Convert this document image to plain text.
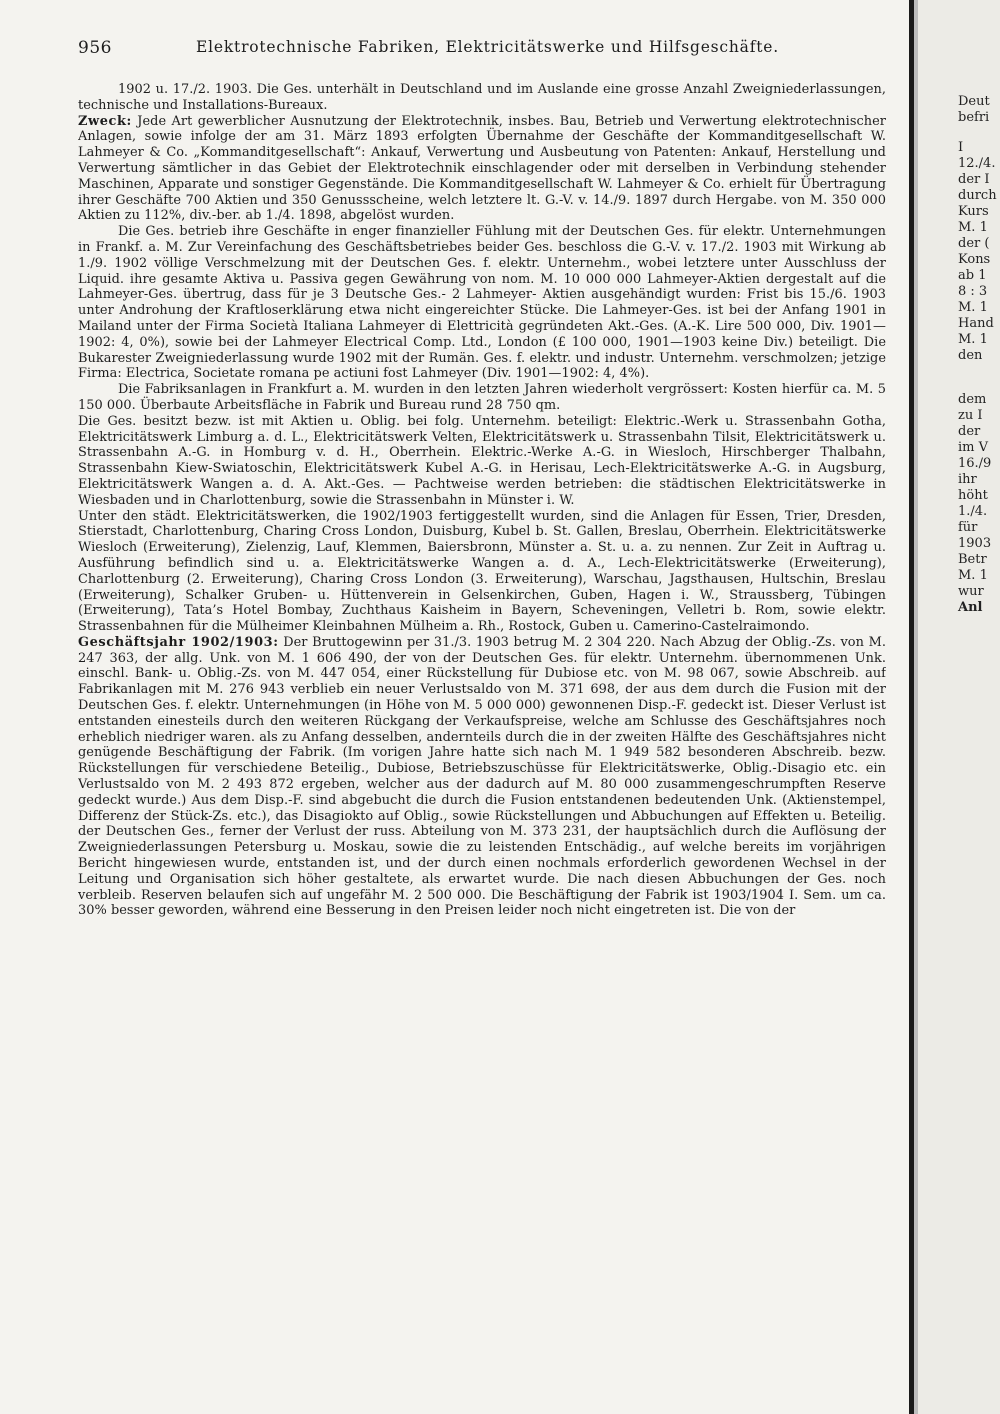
956	Elektrotechnische Fabriken, Elektricitätswerke und Hilfsgeschäfte.

1902 u. 17./2. 1903. Die Ges. unterhält in Deutschland und im Auslande eine grosse Anzahl Zweigniederlassungen, technische und Installations-Bureaux.

Zweck: Jede Art gewerblicher Ausnutzung der Elektrotechnik, insbes. Bau, Betrieb und Verwertung elektrotechnischer Anlagen, sowie infolge der am 31. März 1893 erfolgten Übernahme der Geschäfte der Kommanditgesellschaft W. Lahmeyer & Co. „Kommanditgesellschaft“: Ankauf, Verwertung und Ausbeutung von Patenten: Ankauf, Herstellung und Verwertung sämtlicher in das Gebiet der Elektrotechnik einschlagender oder mit derselben in Verbindung stehender Maschinen, Apparate und sonstiger Gegenstände. Die Kommanditgesellschaft W. Lahmeyer & Co. erhielt für Übertragung ihrer Geschäfte 700 Aktien und 350 Genussscheine, welch letztere lt. G.-V. v. 14./9. 1897 durch Hergabe. von M. 350 000 Aktien zu 112%, div.-ber. ab 1./4. 1898, abgelöst wurden.

Die Ges. betrieb ihre Geschäfte in enger finanzieller Fühlung mit der Deutschen Ges. für elektr. Unternehmungen in Frankf. a. M. Zur Vereinfachung des Geschäftsbetriebes beider Ges. beschloss die G.-V. v. 17./2. 1903 mit Wirkung ab 1./9. 1902 völlige Verschmelzung mit der Deutschen Ges. f. elektr. Unternehm., wobei letztere unter Ausschluss der Liquid. ihre gesamte Aktiva u. Passiva gegen Gewährung von nom. M. 10 000 000 Lahmeyer-Aktien dergestalt auf die Lahmeyer-Ges. übertrug, dass für je 3 Deutsche Ges.- 2 Lahmeyer- Aktien ausgehändigt wurden: Frist bis 15./6. 1903 unter Androhung der Kraftloserklärung etwa nicht eingereichter Stücke. Die Lahmeyer-Ges. ist bei der Anfang 1901 in Mailand unter der Firma Società Italiana Lahmeyer di Elettricità gegründeten Akt.-Ges. (A.-K. Lire 500 000, Div. 1901—1902: 4, 0%), sowie bei der Lahmeyer Electrical Comp. Ltd., London (£ 100 000, 1901—1903 keine Div.) beteiligt. Die Bukarester Zweigniederlassung wurde 1902 mit der Rumän. Ges. f. elektr. und industr. Unternehm. verschmolzen; jetzige Firma: Electrica, Societate romana pe actiuni fost Lahmeyer (Div. 1901—1902: 4, 4%).

Die Fabriksanlagen in Frankfurt a. M. wurden in den letzten Jahren wiederholt vergrössert: Kosten hierfür ca. M. 5 150 000. Überbaute Arbeitsfläche in Fabrik und Bureau rund 28 750 qm.

Die Ges. besitzt bezw. ist mit Aktien u. Oblig. bei folg. Unternehm. beteiligt: Elektric.-Werk u. Strassenbahn Gotha, Elektricitätswerk Limburg a. d. L., Elektricitätswerk Velten, Elektricitätswerk u. Strassenbahn Tilsit, Elektricitätswerk u. Strassenbahn A.-G. in Homburg v. d. H., Oberrhein. Elektric.-Werke A.-G. in Wiesloch, Hirschberger Thalbahn, Strassenbahn Kiew-Swiatoschin, Elektricitätswerk Kubel A.-G. in Herisau, Lech-Elektricitätswerke A.-G. in Augsburg, Elektricitätswerk Wangen a. d. A. Akt.-Ges. — Pachtweise werden betrieben: die städtischen Elektricitätswerke in Wiesbaden und in Charlottenburg, sowie die Strassenbahn in Münster i. W.

Unter den städt. Elektricitätswerken, die 1902/1903 fertiggestellt wurden, sind die Anlagen für Essen, Trier, Dresden, Stierstadt, Charlottenburg, Charing Cross London, Duisburg, Kubel b. St. Gallen, Breslau, Oberrhein. Elektricitätswerke Wiesloch (Erweiterung), Zielenzig, Lauf, Klemmen, Baiersbronn, Münster a. St. u. a. zu nennen. Zur Zeit in Auftrag u. Ausführung befindlich sind u. a. Elektricitätswerke Wangen a. d. A., Lech-Elektricitätswerke (Erweiterung), Charlottenburg (2. Erweiterung), Charing Cross London (3. Erweiterung), Warschau, Jagsthausen, Hultschin, Breslau (Erweiterung), Schalker Gruben- u. Hüttenverein in Gelsenkirchen, Guben, Hagen i. W., Straussberg, Tübingen (Erweiterung), Tata’s Hotel Bombay, Zuchthaus Kaisheim in Bayern, Scheveningen, Velletri b. Rom, sowie elektr. Strassenbahnen für die Mülheimer Kleinbahnen Mülheim a. Rh., Rostock, Guben u. Camerino-Castelraimondo.

Geschäftsjahr 1902/1903: Der Bruttogewinn per 31./3. 1903 betrug M. 2 304 220. Nach Abzug der Oblig.-Zs. von M. 247 363, der allg. Unk. von M. 1 606 490, der von der Deutschen Ges. für elektr. Unternehm. übernommenen Unk. einschl. Bank- u. Oblig.-Zs. von M. 447 054, einer Rückstellung für Dubiose etc. von M. 98 067, sowie Abschreib. auf Fabrikanlagen mit M. 276 943 verblieb ein neuer Verlustsaldo von M. 371 698, der aus dem durch die Fusion mit der Deutschen Ges. f. elektr. Unternehmungen (in Höhe von M. 5 000 000) gewonnenen Disp.-F. gedeckt ist. Dieser Verlust ist entstanden einesteils durch den weiteren Rückgang der Verkaufspreise, welche am Schlusse des Geschäftsjahres noch erheblich niedriger waren. als zu Anfang desselben, andernteils durch die in der zweiten Hälfte des Geschäftsjahres nicht genügende Beschäftigung der Fabrik. (Im vorigen Jahre hatte sich nach M. 1 949 582 besonderen Abschreib. bezw. Rückstellungen für verschiedene Beteilig., Dubiose, Betriebszuschüsse für Elektricitätswerke, Oblig.-Disagio etc. ein Verlustsaldo von M. 2 493 872 ergeben, welcher aus der dadurch auf M. 80 000 zusammengeschrumpften Reserve gedeckt wurde.) Aus dem Disp.-F. sind abgebucht die durch die Fusion entstandenen bedeutenden Unk. (Aktienstempel, Differenz der Stück-Zs. etc.), das Disagiokto auf Oblig., sowie Rückstellungen und Abbuchungen auf Effekten u. Beteilig. der Deutschen Ges., ferner der Verlust der russ. Abteilung von M. 373 231, der hauptsächlich durch die Auflösung der Zweigniederlassungen Petersburg u. Moskau, sowie die zu leistenden Entschädig., auf welche bereits im vorjährigen Bericht hingewiesen wurde, entstanden ist, und der durch einen nochmals erforderlich gewordenen Wechsel in der Leitung und Organisation sich höher gestaltete, als erwartet wurde. Die nach diesen Abbuchungen der Ges. noch verbleib. Reserven belaufen sich auf ungefähr M. 2 500 000. Die Beschäftigung der Fabrik ist 1903/1904 I. Sem. um ca. 30% besser geworden, während eine Besserung in den Preisen leider noch nicht eingetreten ist. Die von der

Deut
befri
I
12./4.
der I
durch
Kurs
M. 1
der (
Kons
ab 1
8 : 3
M. 1
Hand
M. 1
den
dem
zu I
der
im V
16./9
ihr
höht
1./4.
für
1903
Betr
M. 1
wur
Anl
